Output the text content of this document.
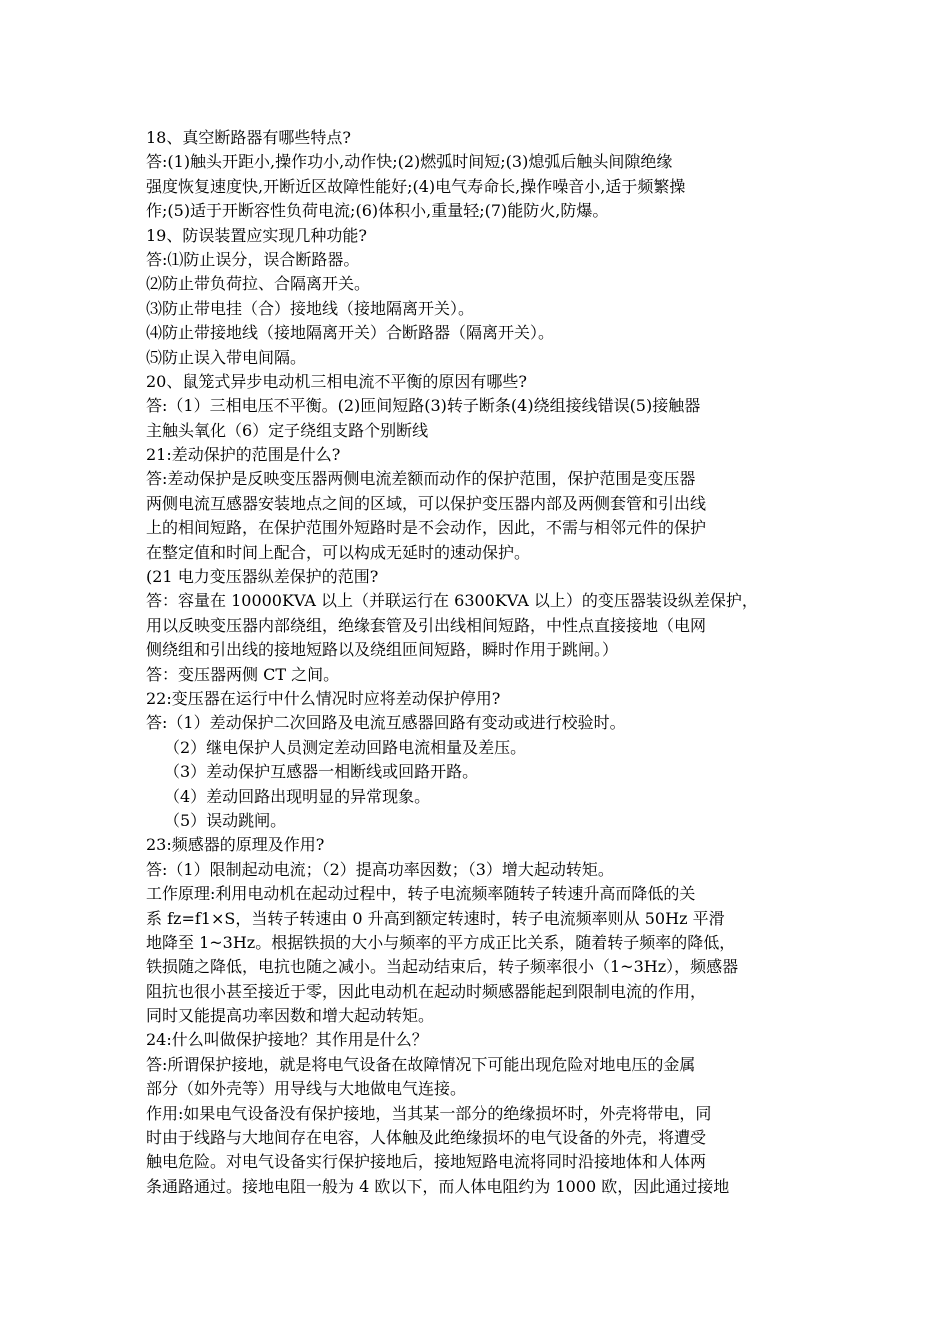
18、真空断路器有哪些特点?
答:(1)触头开距小,操作功小,动作快;(2)燃弧时间短;(3)熄弧后触头间隙绝缘
强度恢复速度快,开断近区故障性能好;(4)电气寿命长,操作噪音小,适于频繁操
作;(5)适于开断容性负荷电流;(6)体积小,重量轻;(7)能防火,防爆。
19、防误装置应实现几种功能?
答:⑴防止误分，误合断路器。
⑵防止带负荷拉、合隔离开关。
⑶防止带电挂（合）接地线（接地隔离开关）。
⑷防止带接地线（接地隔离开关）合断路器（隔离开关）。
⑸防止误入带电间隔。
20、鼠笼式异步电动机三相电流不平衡的原因有哪些?
答:（1）三相电压不平衡。(2)匝间短路(3)转子断条(4)绕组接线错误(5)接触器
主触头氧化（6）定子绕组支路个别断线
21:差动保护的范围是什么?
答:差动保护是反映变压器两侧电流差额而动作的保护范围，保护范围是变压器
两侧电流互感器安装地点之间的区域，可以保护变压器内部及两侧套管和引出线
上的相间短路，在保护范围外短路时是不会动作，因此，不需与相邻元件的保护
在整定值和时间上配合，可以构成无延时的速动保护。
(21 电力变压器纵差保护的范围?
答：容量在 10000KVA 以上（并联运行在 6300KVA 以上）的变压器装设纵差保护，
用以反映变压器内部绕组，绝缘套管及引出线相间短路，中性点直接接地（电网
侧绕组和引出线的接地短路以及绕组匝间短路，瞬时作用于跳闸。）
答：变压器两侧 CT 之间。
22:变压器在运行中什么情况时应将差动保护停用?
答:（1）差动保护二次回路及电流互感器回路有变动或进行校验时。
（2）继电保护人员测定差动回路电流相量及差压。
（3）差动保护互感器一相断线或回路开路。
（4）差动回路出现明显的异常现象。
（5）误动跳闸。
23:频感器的原理及作用?
答:（1）限制起动电流；（2）提高功率因数；（3）增大起动转矩。
工作原理:利用电动机在起动过程中，转子电流频率随转子转速升高而降低的关
系 fz=f1×S，当转子转速由 0 升高到额定转速时，转子电流频率则从 50Hz 平滑
地降至 1~3Hz。根据铁损的大小与频率的平方成正比关系，随着转子频率的降低，
铁损随之降低，电抗也随之减小。当起动结束后，转子频率很小（1~3Hz），频感器
阻抗也很小甚至接近于零，因此电动机在起动时频感器能起到限制电流的作用，
同时又能提高功率因数和增大起动转矩。
24:什么叫做保护接地？其作用是什么？
答:所谓保护接地，就是将电气设备在故障情况下可能出现危险对地电压的金属
部分（如外壳等）用导线与大地做电气连接。
作用:如果电气设备没有保护接地，当其某一部分的绝缘损坏时，外壳将带电，同
时由于线路与大地间存在电容，人体触及此绝缘损坏的电气设备的外壳，将遭受
触电危险。对电气设备实行保护接地后，接地短路电流将同时沿接地体和人体两
条通路通过。接地电阻一般为 4 欧以下，而人体电阻约为 1000 欧，因此通过接地
